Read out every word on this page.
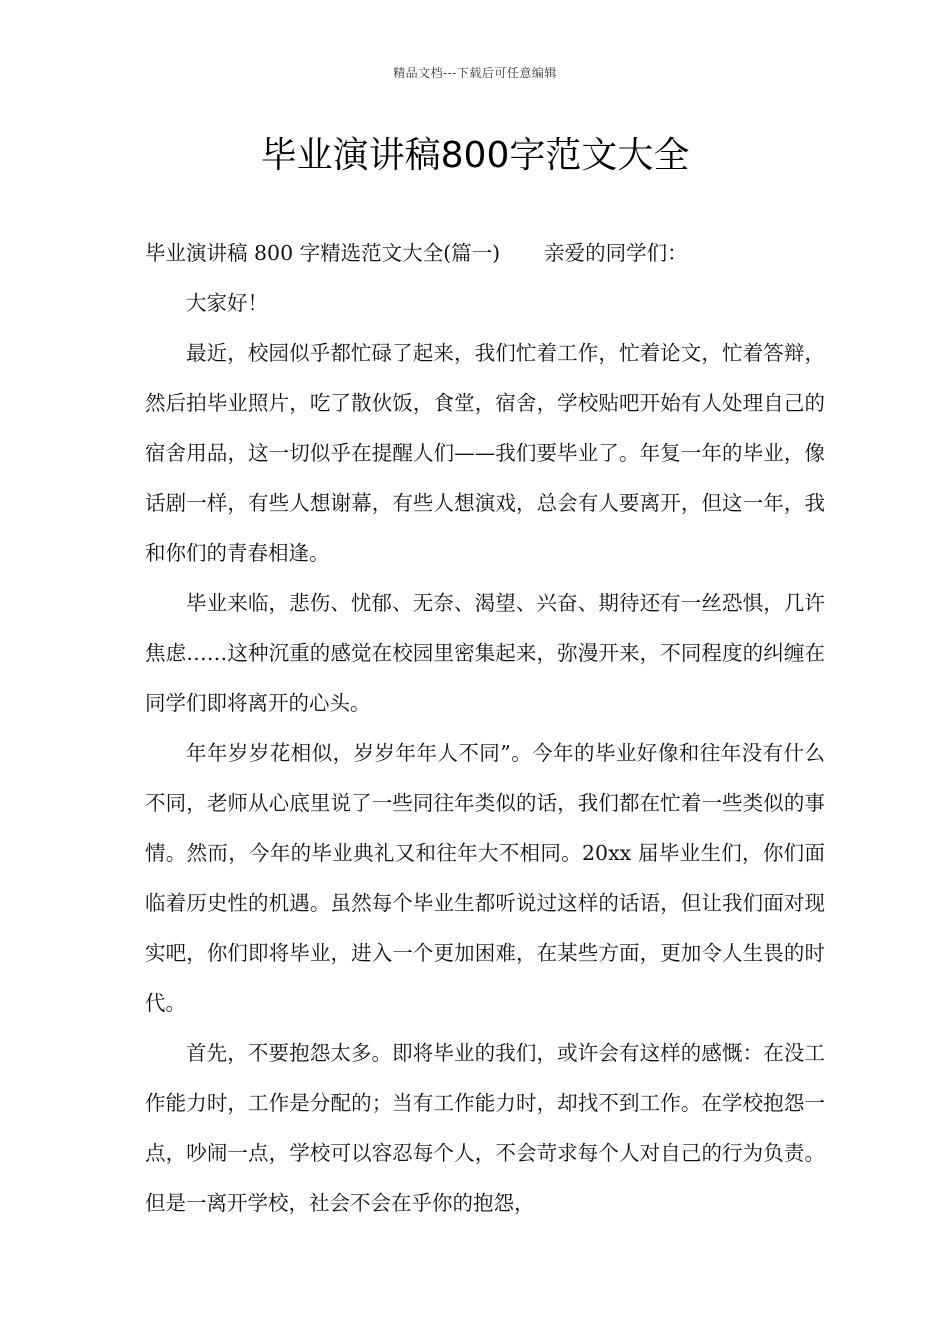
精品文档---下载后可任意编辑
毕业演讲稿800字范文大全

毕业演讲稿 800 字精选范文大全(篇一) 亲爱的同学们：

大家好！

最近，校园似乎都忙碌了起来，我们忙着工作，忙着论文，忙着答辩，然后拍毕业照片，吃了散伙饭，食堂，宿舍，学校贴吧开始有人处理自己的宿舍用品，这一切似乎在提醒人们——我们要毕业了。年复一年的毕业，像话剧一样，有些人想谢幕，有些人想演戏，总会有人要离开，但这一年，我和你们的青春相逢。

毕业来临，悲伤、忧郁、无奈、渴望、兴奋、期待还有一丝恐惧，几许焦虑……这种沉重的感觉在校园里密集起来，弥漫开来，不同程度的纠缠在同学们即将离开的心头。

年年岁岁花相似，岁岁年年人不同”。今年的毕业好像和往年没有什么不同，老师从心底里说了一些同往年类似的话，我们都在忙着一些类似的事情。然而，今年的毕业典礼又和往年大不相同。20xx 届毕业生们，你们面临着历史性的机遇。虽然每个毕业生都听说过这样的话语，但让我们面对现实吧，你们即将毕业，进入一个更加困难，在某些方面，更加令人生畏的时代。

首先，不要抱怨太多。即将毕业的我们，或许会有这样的感慨：在没工作能力时，工作是分配的；当有工作能力时，却找不到工作。在学校抱怨一点，吵闹一点，学校可以容忍每个人，不会苛求每个人对自己的行为负责。但是一离开学校，社会不会在乎你的抱怨，
